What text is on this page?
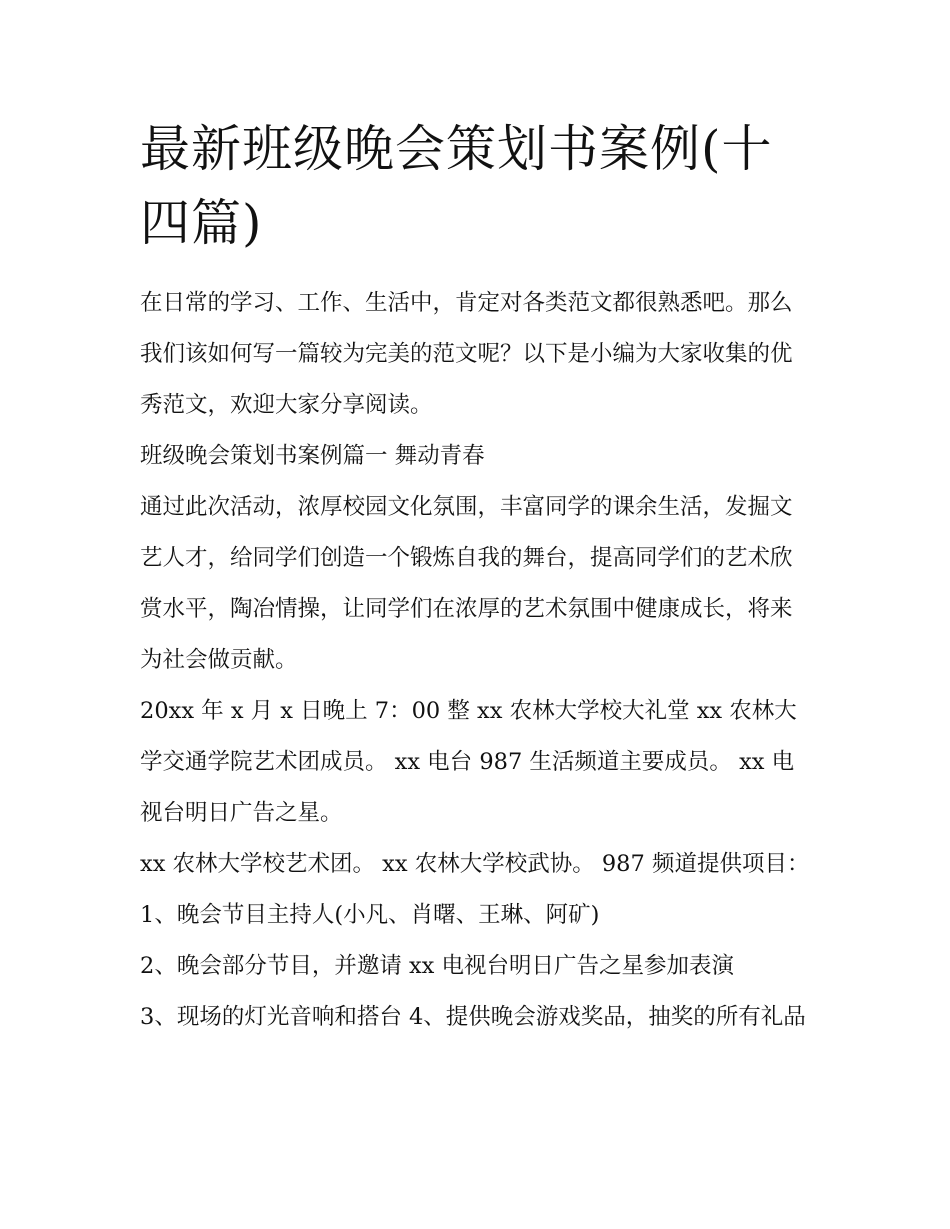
最新班级晚会策划书案例(十四篇)

在日常的学习、工作、生活中，肯定对各类范文都很熟悉吧。那么我们该如何写一篇较为完美的范文呢？以下是小编为大家收集的优秀范文，欢迎大家分享阅读。

班级晚会策划书案例篇一 舞动青春

通过此次活动，浓厚校园文化氛围，丰富同学的课余生活，发掘文艺人才，给同学们创造一个锻炼自我的舞台，提高同学们的艺术欣赏水平，陶冶情操，让同学们在浓厚的艺术氛围中健康成长，将来为社会做贡献。

20xx 年 x 月 x 日晚上 7：00 整 xx 农林大学校大礼堂 xx 农林大学交通学院艺术团成员。 xx 电台 987 生活频道主要成员。 xx 电视台明日广告之星。

xx 农林大学校艺术团。 xx 农林大学校武协。 987 频道提供项目： 1、晚会节目主持人(小凡、肖曙、王琳、阿矿)

2、晚会部分节目，并邀请 xx 电视台明日广告之星参加表演

3、现场的灯光音响和搭台 4、提供晚会游戏奖品，抽奖的所有礼品
